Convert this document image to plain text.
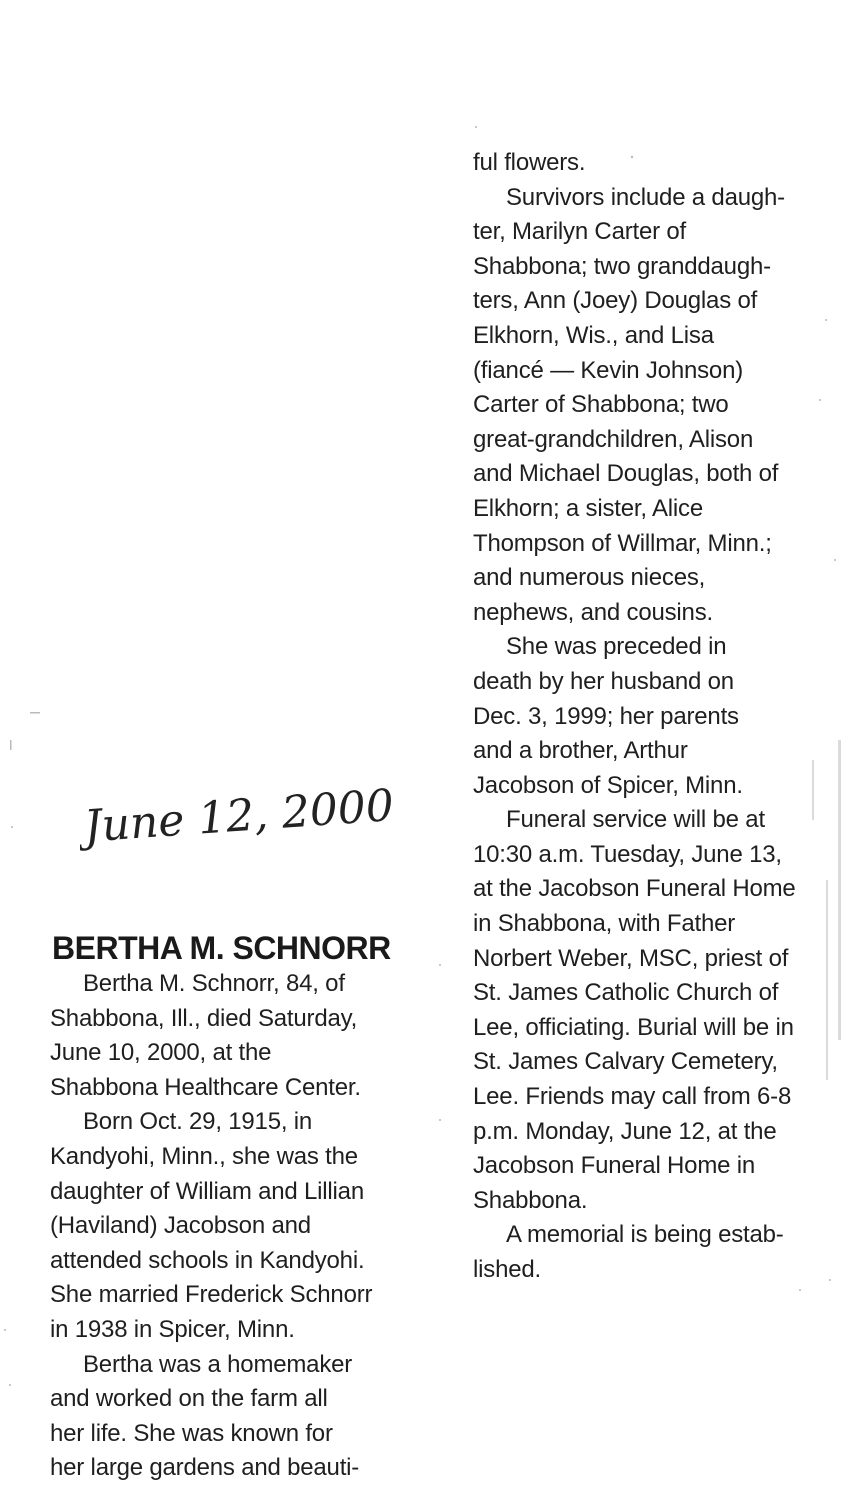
June 12, 2000
BERTHA M. SCHNORR
Bertha M. Schnorr, 84, of
Shabbona, Ill., died Saturday,
June 10, 2000, at the
Shabbona Healthcare Center.
Born Oct. 29, 1915, in
Kandyohi, Minn., she was the
daughter of William and Lillian
(Haviland) Jacobson and
attended schools in Kandyohi.
She married Frederick Schnorr
in 1938 in Spicer, Minn.
Bertha was a homemaker
and worked on the farm all
her life. She was known for
her large gardens and beauti-
ful flowers.
Survivors include a daugh-
ter, Marilyn Carter of
Shabbona; two granddaugh-
ters, Ann (Joey) Douglas of
Elkhorn, Wis., and Lisa
(fiancé — Kevin Johnson)
Carter of Shabbona; two
great-grandchildren, Alison
and Michael Douglas, both of
Elkhorn; a sister, Alice
Thompson of Willmar, Minn.;
and numerous nieces,
nephews, and cousins.
She was preceded in
death by her husband on
Dec. 3, 1999; her parents
and a brother, Arthur
Jacobson of Spicer, Minn.
Funeral service will be at
10:30 a.m. Tuesday, June 13,
at the Jacobson Funeral Home
in Shabbona, with Father
Norbert Weber, MSC, priest of
St. James Catholic Church of
Lee, officiating. Burial will be in
St. James Calvary Cemetery,
Lee. Friends may call from 6-8
p.m. Monday, June 12, at the
Jacobson Funeral Home in
Shabbona.
A memorial is being estab-
lished.
